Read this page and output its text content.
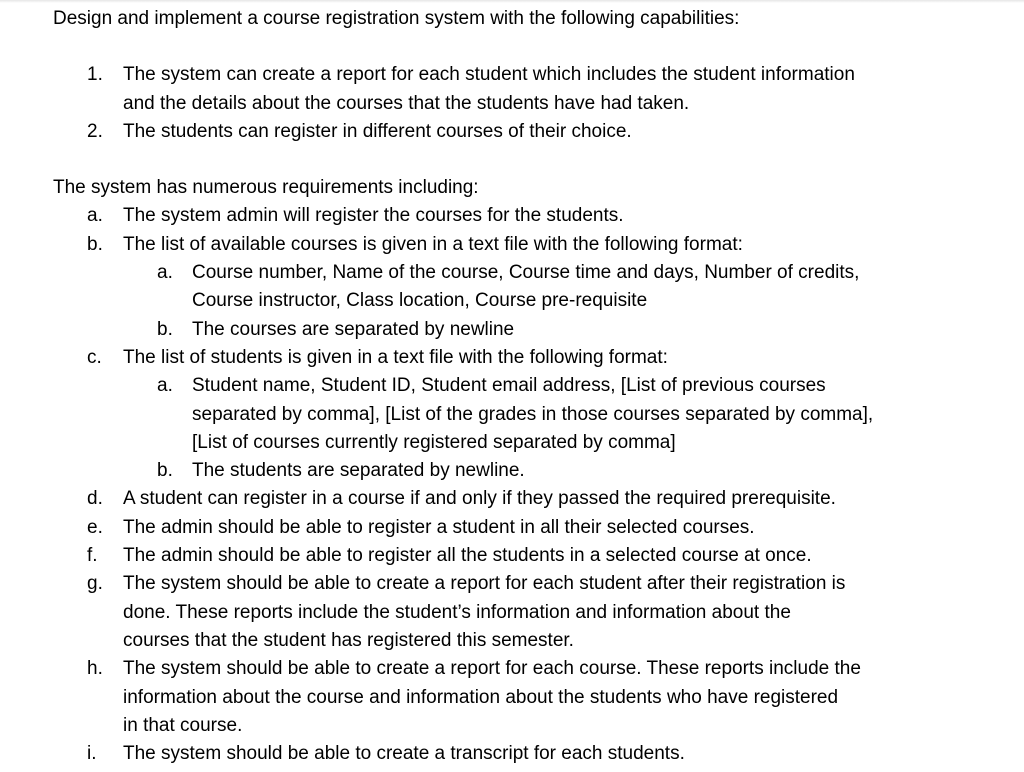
Design and implement a course registration system with the following capabilities:

1. The system can create a report for each student which includes the student information
and the details about the courses that the students have had taken.
2. The students can register in different courses of their choice.

The system has numerous requirements including:

a. The system admin will register the courses for the students.
b. The list of available courses is given in a text file with the following format:
a. Course number, Name of the course, Course time and days, Number of credits,
Course instructor, Class location, Course pre-requisite
b. The courses are separated by newline
c. The list of students is given in a text file with the following format:
a. Student name, Student ID, Student email address, [List of previous courses
separated by comma], [List of the grades in those courses separated by comma],
[List of courses currently registered separated by comma]
b. The students are separated by newline.
d. A student can register in a course if and only if they passed the required prerequisite.
e. The admin should be able to register a student in all their selected courses.
f. The admin should be able to register all the students in a selected course at once.
g. The system should be able to create a report for each student after their registration is
done. These reports include the student’s information and information about the
courses that the student has registered this semester.
h. The system should be able to create a report for each course. These reports include the
information about the course and information about the students who have registered
in that course.
i. The system should be able to create a transcript for each students.
